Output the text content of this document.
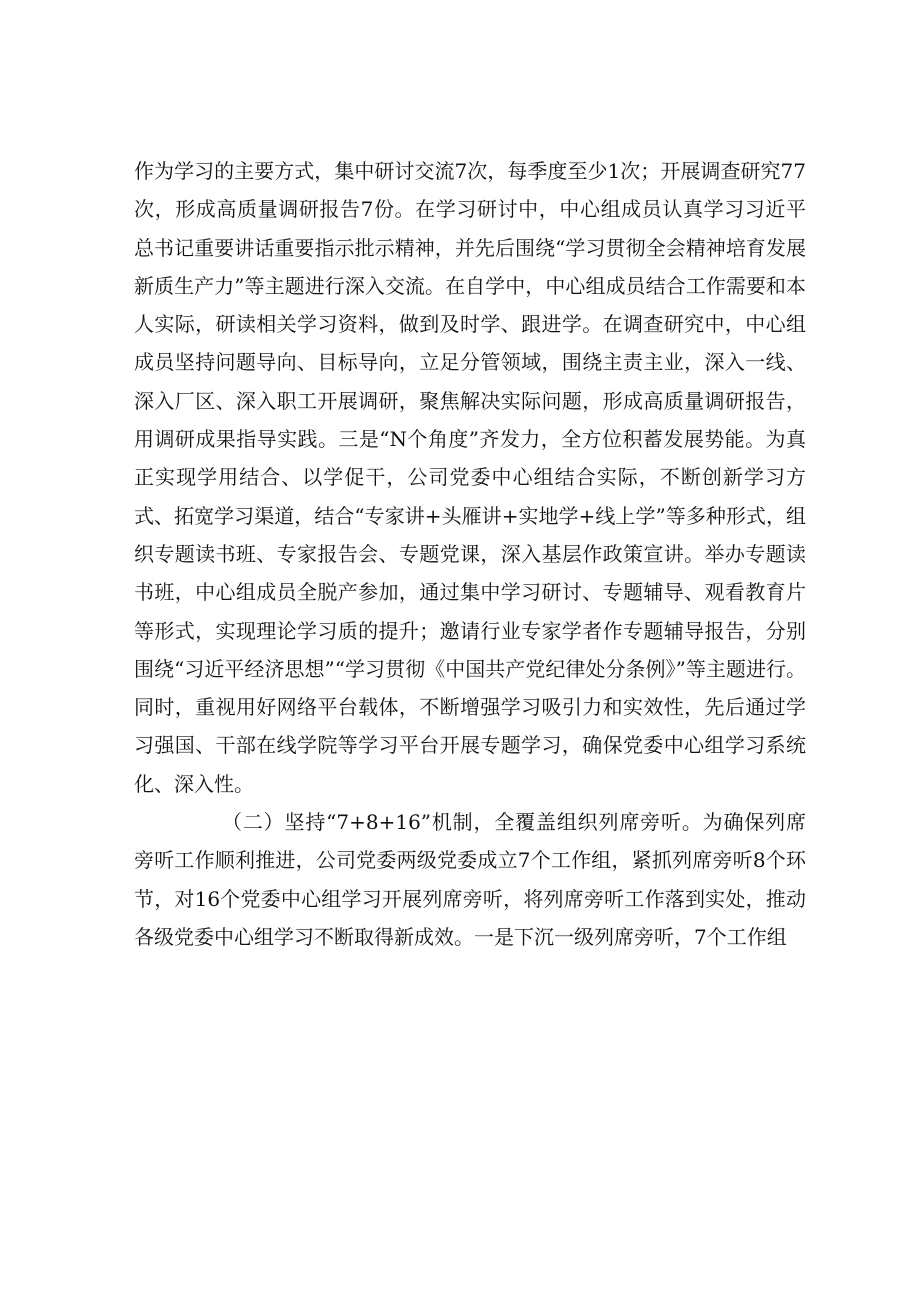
作为学习的主要方式，集中研讨交流7次，每季度至少1次；开展调查研究77次，形成高质量调研报告7份。在学习研讨中，中心组成员认真学习习近平总书记重要讲话重要指示批示精神，并先后围绕“学习贯彻全会精神培育发展新质生产力”等主题进行深入交流。在自学中，中心组成员结合工作需要和本人实际，研读相关学习资料，做到及时学、跟进学。在调查研究中，中心组成员坚持问题导向、目标导向，立足分管领域，围绕主责主业，深入一线、深入厂区、深入职工开展调研，聚焦解决实际问题，形成高质量调研报告，用调研成果指导实践。三是“N个角度”齐发力，全方位积蓄发展势能。为真正实现学用结合、以学促干，公司党委中心组结合实际，不断创新学习方式、拓宽学习渠道，结合“专家讲+头雁讲+实地学+线上学”等多种形式，组织专题读书班、专家报告会、专题党课，深入基层作政策宣讲。举办专题读书班，中心组成员全脱产参加，通过集中学习研讨、专题辅导、观看教育片等形式，实现理论学习质的提升；邀请行业专家学者作专题辅导报告，分别围绕“习近平经济思想”“学习贯彻《中国共产党纪律处分条例》”等主题进行。同时，重视用好网络平台载体，不断增强学习吸引力和实效性，先后通过学习强国、干部在线学院等学习平台开展专题学习，确保党委中心组学习系统化、深入性。

（二）坚持“7+8+16”机制，全覆盖组织列席旁听。为确保列席旁听工作顺利推进，公司党委两级党委成立7个工作组，紧抓列席旁听8个环节，对16个党委中心组学习开展列席旁听，将列席旁听工作落到实处，推动各级党委中心组学习不断取得新成效。一是下沉一级列席旁听，7个工作组
